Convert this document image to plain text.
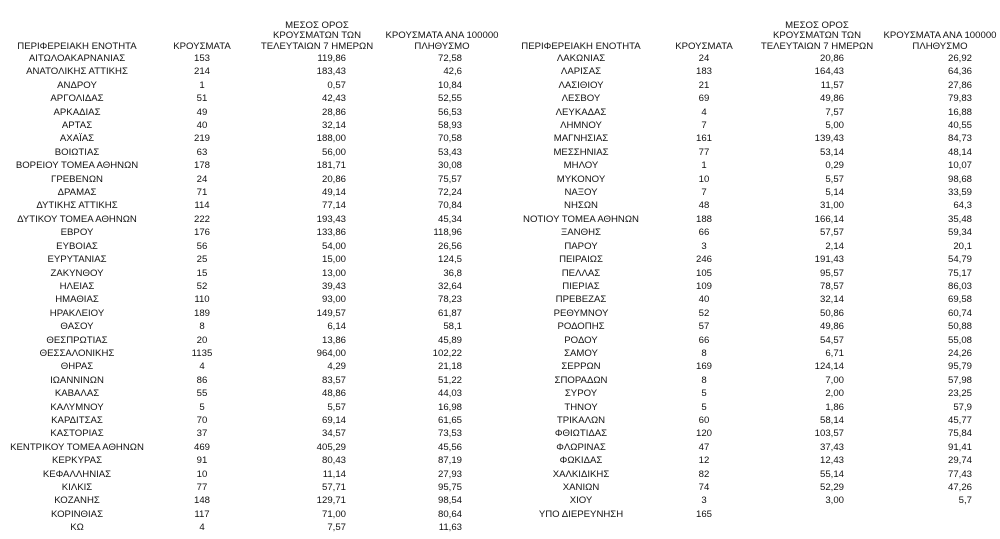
ΠΕΡΙΦΕΡΕΙΑΚΗ ΕΝΟΤΗΤΑ	ΚΡΟΥΣΜΑΤΑ	ΜΕΣΟΣ ΟΡΟΣ
ΚΡΟΥΣΜΑΤΩΝ ΤΩΝ
ΤΕΛΕΥΤΑΙΩΝ 7 ΗΜΕΡΩΝ	ΚΡΟΥΣΜΑΤΑ ΑΝΑ 100000
ΠΛΗΘΥΣΜΟ

ΑΙΤΩΛΟΑΚΑΡΝΑΝΙΑΣ	153	119,86	72,58
ΑΝΑΤΟΛΙΚΗΣ ΑΤΤΙΚΗΣ	214	183,43	42,6
ΑΝΔΡΟΥ	1	0,57	10,84
ΑΡΓΟΛΙΔΑΣ	51	42,43	52,55
ΑΡΚΑΔΙΑΣ	49	28,86	56,53
ΑΡΤΑΣ	40	32,14	58,93
ΑΧΑΪΑΣ	219	188,00	70,58
ΒΟΙΩΤΙΑΣ	63	56,00	53,43
ΒΟΡΕΙΟΥ ΤΟΜΕΑ ΑΘΗΝΩΝ	178	181,71	30,08
ΓΡΕΒΕΝΩΝ	24	20,86	75,57
ΔΡΑΜΑΣ	71	49,14	72,24
ΔΥΤΙΚΗΣ ΑΤΤΙΚΗΣ	114	77,14	70,84
ΔΥΤΙΚΟΥ ΤΟΜΕΑ ΑΘΗΝΩΝ	222	193,43	45,34
ΕΒΡΟΥ	176	133,86	118,96
ΕΥΒΟΙΑΣ	56	54,00	26,56
ΕΥΡΥΤΑΝΙΑΣ	25	15,00	124,5
ΖΑΚΥΝΘΟΥ	15	13,00	36,8
ΗΛΕΙΑΣ	52	39,43	32,64
ΗΜΑΘΙΑΣ	110	93,00	78,23
ΗΡΑΚΛΕΙΟΥ	189	149,57	61,87
ΘΑΣΟΥ	8	6,14	58,1
ΘΕΣΠΡΩΤΙΑΣ	20	13,86	45,89
ΘΕΣΣΑΛΟΝΙΚΗΣ	1135	964,00	102,22
ΘΗΡΑΣ	4	4,29	21,18
ΙΩΑΝΝΙΝΩΝ	86	83,57	51,22
ΚΑΒΑΛΑΣ	55	48,86	44,03
ΚΑΛΥΜΝΟΥ	5	5,57	16,98
ΚΑΡΔΙΤΣΑΣ	70	69,14	61,65
ΚΑΣΤΟΡΙΑΣ	37	34,57	73,53
ΚΕΝΤΡΙΚΟΥ ΤΟΜΕΑ ΑΘΗΝΩΝ	469	405,29	45,56
ΚΕΡΚΥΡΑΣ	91	80,43	87,19
ΚΕΦΑΛΛΗΝΙΑΣ	10	11,14	27,93
ΚΙΛΚΙΣ	77	57,71	95,75
ΚΟΖΑΝΗΣ	148	129,71	98,54
ΚΟΡΙΝΘΙΑΣ	117	71,00	80,64
ΚΩ	4	7,57	11,63
ΠΕΡΙΦΕΡΕΙΑΚΗ ΕΝΟΤΗΤΑ	ΚΡΟΥΣΜΑΤΑ	ΜΕΣΟΣ ΟΡΟΣ
ΚΡΟΥΣΜΑΤΩΝ ΤΩΝ
ΤΕΛΕΥΤΑΙΩΝ 7 ΗΜΕΡΩΝ	ΚΡΟΥΣΜΑΤΑ ΑΝΑ 100000
ΠΛΗΘΥΣΜΟ

ΛΑΚΩΝΙΑΣ	24	20,86	26,92
ΛΑΡΙΣΑΣ	183	164,43	64,36
ΛΑΣΙΘΙΟΥ	21	11,57	27,86
ΛΕΣΒΟΥ	69	49,86	79,83
ΛΕΥΚΑΔΑΣ	4	7,57	16,88
ΛΗΜΝΟΥ	7	5,00	40,55
ΜΑΓΝΗΣΙΑΣ	161	139,43	84,73
ΜΕΣΣΗΝΙΑΣ	77	53,14	48,14
ΜΗΛΟΥ	1	0,29	10,07
ΜΥΚΟΝΟΥ	10	5,57	98,68
ΝΑΞΟΥ	7	5,14	33,59
ΝΗΣΩΝ	48	31,00	64,3
ΝΟΤΙΟΥ ΤΟΜΕΑ ΑΘΗΝΩΝ	188	166,14	35,48
ΞΑΝΘΗΣ	66	57,57	59,34
ΠΑΡΟΥ	3	2,14	20,1
ΠΕΙΡΑΙΩΣ	246	191,43	54,79
ΠΕΛΛΑΣ	105	95,57	75,17
ΠΙΕΡΙΑΣ	109	78,57	86,03
ΠΡΕΒΕΖΑΣ	40	32,14	69,58
ΡΕΘΥΜΝΟΥ	52	50,86	60,74
ΡΟΔΟΠΗΣ	57	49,86	50,88
ΡΟΔΟΥ	66	54,57	55,08
ΣΑΜΟΥ	8	6,71	24,26
ΣΕΡΡΩΝ	169	124,14	95,79
ΣΠΟΡΑΔΩΝ	8	7,00	57,98
ΣΥΡΟΥ	5	2,00	23,25
ΤΗΝΟΥ	5	1,86	57,9
ΤΡΙΚΑΛΩΝ	60	58,14	45,77
ΦΘΙΩΤΙΔΑΣ	120	103,57	75,84
ΦΛΩΡΙΝΑΣ	47	37,43	91,41
ΦΩΚΙΔΑΣ	12	12,43	29,74
ΧΑΛΚΙΔΙΚΗΣ	82	55,14	77,43
ΧΑΝΙΩΝ	74	52,29	47,26
ΧΙΟΥ	3	3,00	5,7
ΥΠΟ ΔΙΕΡΕΥΝΗΣΗ	165		
